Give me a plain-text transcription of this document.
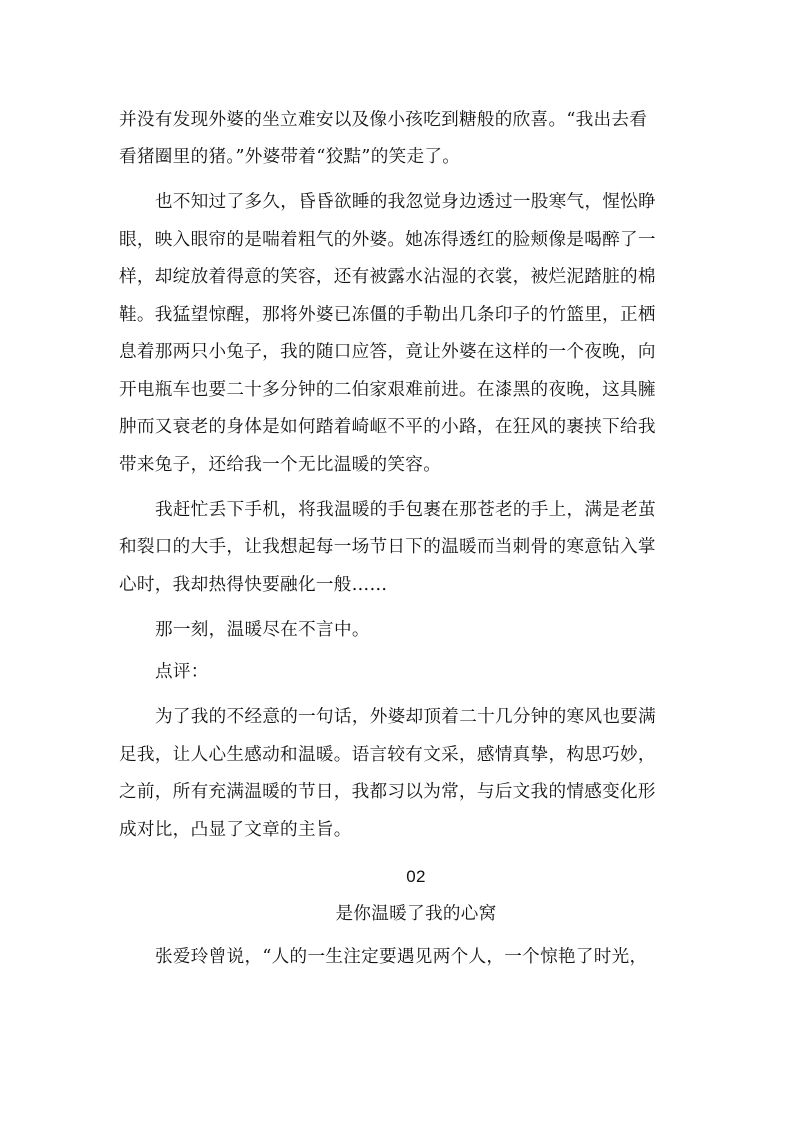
并没有发现外婆的坐立难安以及像小孩吃到糖般的欣喜。“我出去看
看猪圈里的猪。”外婆带着“狡黠”的笑走了。
也不知过了多久，昏昏欲睡的我忽觉身边透过一股寒气，惺忪睁
眼，映入眼帘的是喘着粗气的外婆。她冻得透红的脸颊像是喝醉了一
样，却绽放着得意的笑容，还有被露水沾湿的衣裳，被烂泥踏脏的棉
鞋。我猛望惊醒，那将外婆已冻僵的手勒出几条印子的竹篮里，正栖
息着那两只小兔子，我的随口应答，竟让外婆在这样的一个夜晚，向
开电瓶车也要二十多分钟的二伯家艰难前进。在漆黑的夜晚，这具臃
肿而又衰老的身体是如何踏着崎岖不平的小路，在狂风的裹挟下给我
带来兔子，还给我一个无比温暖的笑容。
我赶忙丢下手机，将我温暖的手包裹在那苍老的手上，满是老茧
和裂口的大手，让我想起每一场节日下的温暖而当刺骨的寒意钻入掌
心时，我却热得快要融化一般……
那一刻，温暖尽在不言中。
点评：
为了我的不经意的一句话，外婆却顶着二十几分钟的寒风也要满
足我，让人心生感动和温暖。语言较有文采，感情真挚，构思巧妙，
之前，所有充满温暖的节日，我都习以为常，与后文我的情感变化形
成对比，凸显了文章的主旨。
02
是你温暖了我的心窝
张爱玲曾说，“人的一生注定要遇见两个人，一个惊艳了时光，
